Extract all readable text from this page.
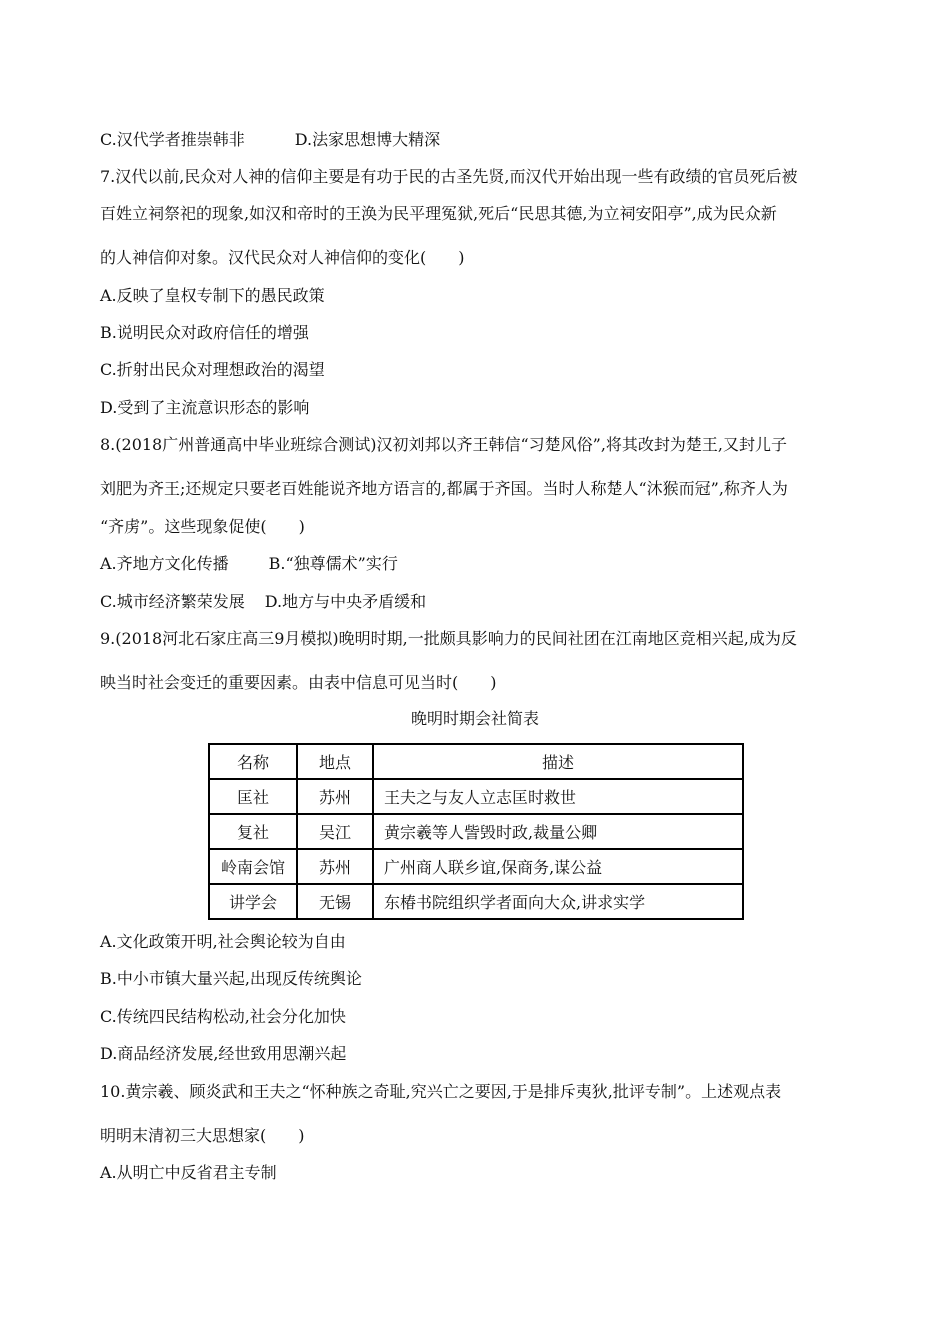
C.汉代学者推崇韩非	D.法家思想博大精深
7.汉代以前,民众对人神的信仰主要是有功于民的古圣先贤,而汉代开始出现一些有政绩的官员死后被
百姓立祠祭祀的现象,如汉和帝时的王涣为民平理冤狱,死后“民思其德,为立祠安阳亭”,成为民众新
的人神信仰对象。汉代民众对人神信仰的变化(　　)
A.反映了皇权专制下的愚民政策
B.说明民众对政府信任的增强
C.折射出民众对理想政治的渴望
D.受到了主流意识形态的影响
8.(2018广州普通高中毕业班综合测试)汉初刘邦以齐王韩信“习楚风俗”,将其改封为楚王,又封儿子
刘肥为齐王;还规定只要老百姓能说齐地方语言的,都属于齐国。当时人称楚人“沐猴而冠”,称齐人为
“齐虏”。这些现象促使(　　)
A.齐地方文化传播	B.“独尊儒术”实行
C.城市经济繁荣发展 D.地方与中央矛盾缓和
9.(2018河北石家庄高三9月模拟)晚明时期,一批颇具影响力的民间社团在江南地区竞相兴起,成为反
映当时社会变迁的重要因素。由表中信息可见当时(　　)
晚明时期会社简表
名称	地点	描述
匡社	苏州	王夫之与友人立志匡时救世
复社	吴江	黄宗羲等人訾毁时政,裁量公卿
岭南会馆	苏州	广州商人联乡谊,保商务,谋公益
讲学会	无锡	东椿书院组织学者面向大众,讲求实学
A.文化政策开明,社会舆论较为自由
B.中小市镇大量兴起,出现反传统舆论
C.传统四民结构松动,社会分化加快
D.商品经济发展,经世致用思潮兴起
10.黄宗羲、顾炎武和王夫之“怀种族之奇耻,究兴亡之要因,于是排斥夷狄,批评专制”。上述观点表
明明末清初三大思想家(　　)
A.从明亡中反省君主专制
